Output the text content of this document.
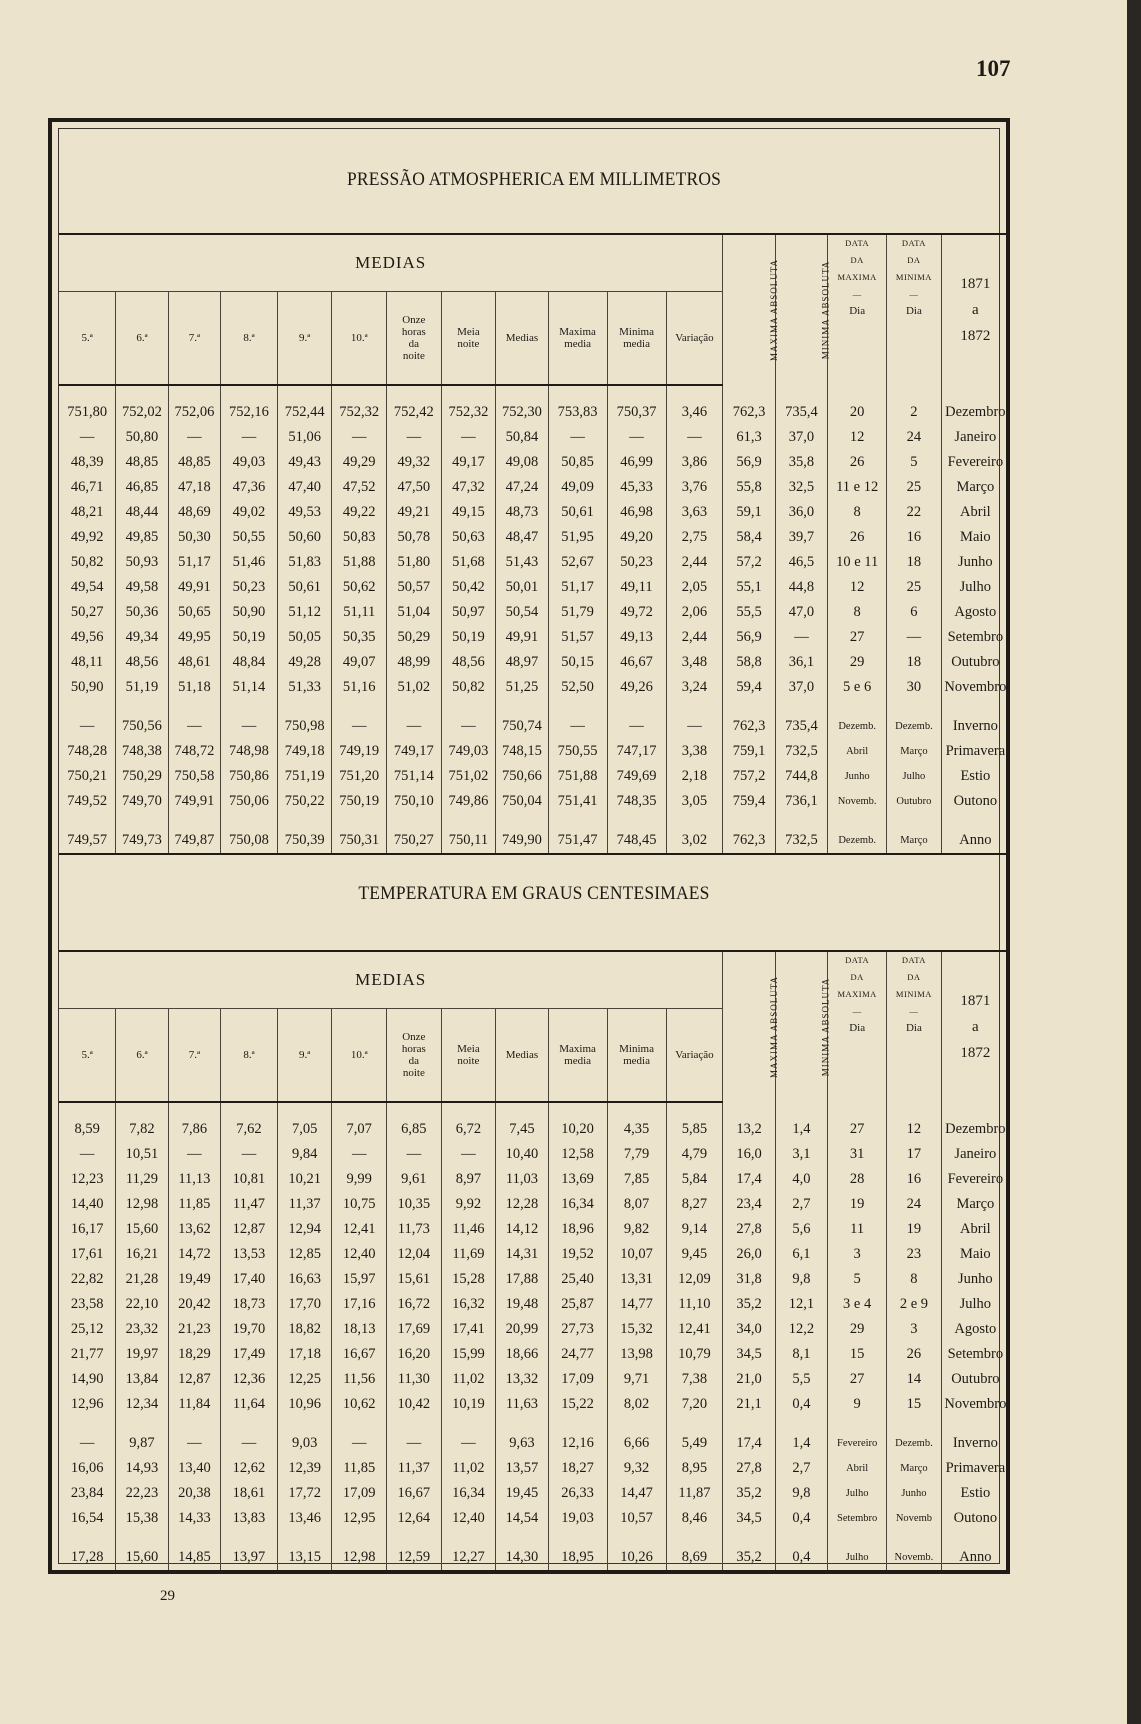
107
PRESSÃO ATMOSPHERICA EM MILLIMETROS
MEDIAS												MAXIMA ABSOLUTA	MINIMA ABSOLUTA	DATA
DA
MAXIMA
—
Dia	DATA
DA
MINIMA
—
Dia	1871
a
1872
5.ª	6.ª	7.ª	8.ª	9.ª	10.ª	Onze
horas
da
noite	Meia
noite	Medias	Maxima
media	Minima
media	Variação					

751,80	752,02	752,06	752,16	752,44	752,32	752,42	752,32	752,30	753,83	750,37	3,46	762,3	735,4	20	2	Dezembro
—	50,80	—	—	51,06	—	—	—	50,84	—	—	—	61,3	37,0	12	24	Janeiro
48,39	48,85	48,85	49,03	49,43	49,29	49,32	49,17	49,08	50,85	46,99	3,86	56,9	35,8	26	5	Fevereiro
46,71	46,85	47,18	47,36	47,40	47,52	47,50	47,32	47,24	49,09	45,33	3,76	55,8	32,5	11 e 12	25	Março
48,21	48,44	48,69	49,02	49,53	49,22	49,21	49,15	48,73	50,61	46,98	3,63	59,1	36,0	8	22	Abril
49,92	49,85	50,30	50,55	50,60	50,83	50,78	50,63	48,47	51,95	49,20	2,75	58,4	39,7	26	16	Maio
50,82	50,93	51,17	51,46	51,83	51,88	51,80	51,68	51,43	52,67	50,23	2,44	57,2	46,5	10 e 11	18	Junho
49,54	49,58	49,91	50,23	50,61	50,62	50,57	50,42	50,01	51,17	49,11	2,05	55,1	44,8	12	25	Julho
50,27	50,36	50,65	50,90	51,12	51,11	51,04	50,97	50,54	51,79	49,72	2,06	55,5	47,0	8	6	Agosto
49,56	49,34	49,95	50,19	50,05	50,35	50,29	50,19	49,91	51,57	49,13	2,44	56,9	—	27	—	Setembro
48,11	48,56	48,61	48,84	49,28	49,07	48,99	48,56	48,97	50,15	46,67	3,48	58,8	36,1	29	18	Outubro
50,90	51,19	51,18	51,14	51,33	51,16	51,02	50,82	51,25	52,50	49,26	3,24	59,4	37,0	5 e 6	30	Novembro

—	750,56	—	—	750,98	—	—	—	750,74	—	—	—	762,3	735,4	Dezemb.	Dezemb.	Inverno
748,28	748,38	748,72	748,98	749,18	749,19	749,17	749,03	748,15	750,55	747,17	3,38	759,1	732,5	Abril	Março	Primavera
750,21	750,29	750,58	750,86	751,19	751,20	751,14	751,02	750,66	751,88	749,69	2,18	757,2	744,8	Junho	Julho	Estio
749,52	749,70	749,91	750,06	750,22	750,19	750,10	749,86	750,04	751,41	748,35	3,05	759,4	736,1	Novemb.	Outubro	Outono

749,57	749,73	749,87	750,08	750,39	750,31	750,27	750,11	749,90	751,47	748,45	3,02	762,3	732,5	Dezemb.	Março	Anno
TEMPERATURA EM GRAUS CENTESIMAES
MEDIAS												MAXIMA ABSOLUTA	MINIMA ABSOLUTA	DATA
DA
MAXIMA
—
Dia	DATA
DA
MINIMA
—
Dia	1871
a
1872
5.ª	6.ª	7.ª	8.ª	9.ª	10.ª	Onze
horas
da
noite	Meia
noite	Medias	Maxima
media	Minima
media	Variação					

8,59	7,82	7,86	7,62	7,05	7,07	6,85	6,72	7,45	10,20	4,35	5,85	13,2	1,4	27	12	Dezembro
—	10,51	—	—	9,84	—	—	—	10,40	12,58	7,79	4,79	16,0	3,1	31	17	Janeiro
12,23	11,29	11,13	10,81	10,21	9,99	9,61	8,97	11,03	13,69	7,85	5,84	17,4	4,0	28	16	Fevereiro
14,40	12,98	11,85	11,47	11,37	10,75	10,35	9,92	12,28	16,34	8,07	8,27	23,4	2,7	19	24	Março
16,17	15,60	13,62	12,87	12,94	12,41	11,73	11,46	14,12	18,96	9,82	9,14	27,8	5,6	11	19	Abril
17,61	16,21	14,72	13,53	12,85	12,40	12,04	11,69	14,31	19,52	10,07	9,45	26,0	6,1	3	23	Maio
22,82	21,28	19,49	17,40	16,63	15,97	15,61	15,28	17,88	25,40	13,31	12,09	31,8	9,8	5	8	Junho
23,58	22,10	20,42	18,73	17,70	17,16	16,72	16,32	19,48	25,87	14,77	11,10	35,2	12,1	3 e 4	2 e 9	Julho
25,12	23,32	21,23	19,70	18,82	18,13	17,69	17,41	20,99	27,73	15,32	12,41	34,0	12,2	29	3	Agosto
21,77	19,97	18,29	17,49	17,18	16,67	16,20	15,99	18,66	24,77	13,98	10,79	34,5	8,1	15	26	Setembro
14,90	13,84	12,87	12,36	12,25	11,56	11,30	11,02	13,32	17,09	9,71	7,38	21,0	5,5	27	14	Outubro
12,96	12,34	11,84	11,64	10,96	10,62	10,42	10,19	11,63	15,22	8,02	7,20	21,1	0,4	9	15	Novembro

—	9,87	—	—	9,03	—	—	—	9,63	12,16	6,66	5,49	17,4	1,4	Fevereiro	Dezemb.	Inverno
16,06	14,93	13,40	12,62	12,39	11,85	11,37	11,02	13,57	18,27	9,32	8,95	27,8	2,7	Abril	Março	Primavera
23,84	22,23	20,38	18,61	17,72	17,09	16,67	16,34	19,45	26,33	14,47	11,87	35,2	9,8	Julho	Junho	Estio
16,54	15,38	14,33	13,83	13,46	12,95	12,64	12,40	14,54	19,03	10,57	8,46	34,5	0,4	Setembro	Novemb	Outono

17,28	15,60	14,85	13,97	13,15	12,98	12,59	12,27	14,30	18,95	10,26	8,69	35,2	0,4	Julho	Novemb.	Anno
29
